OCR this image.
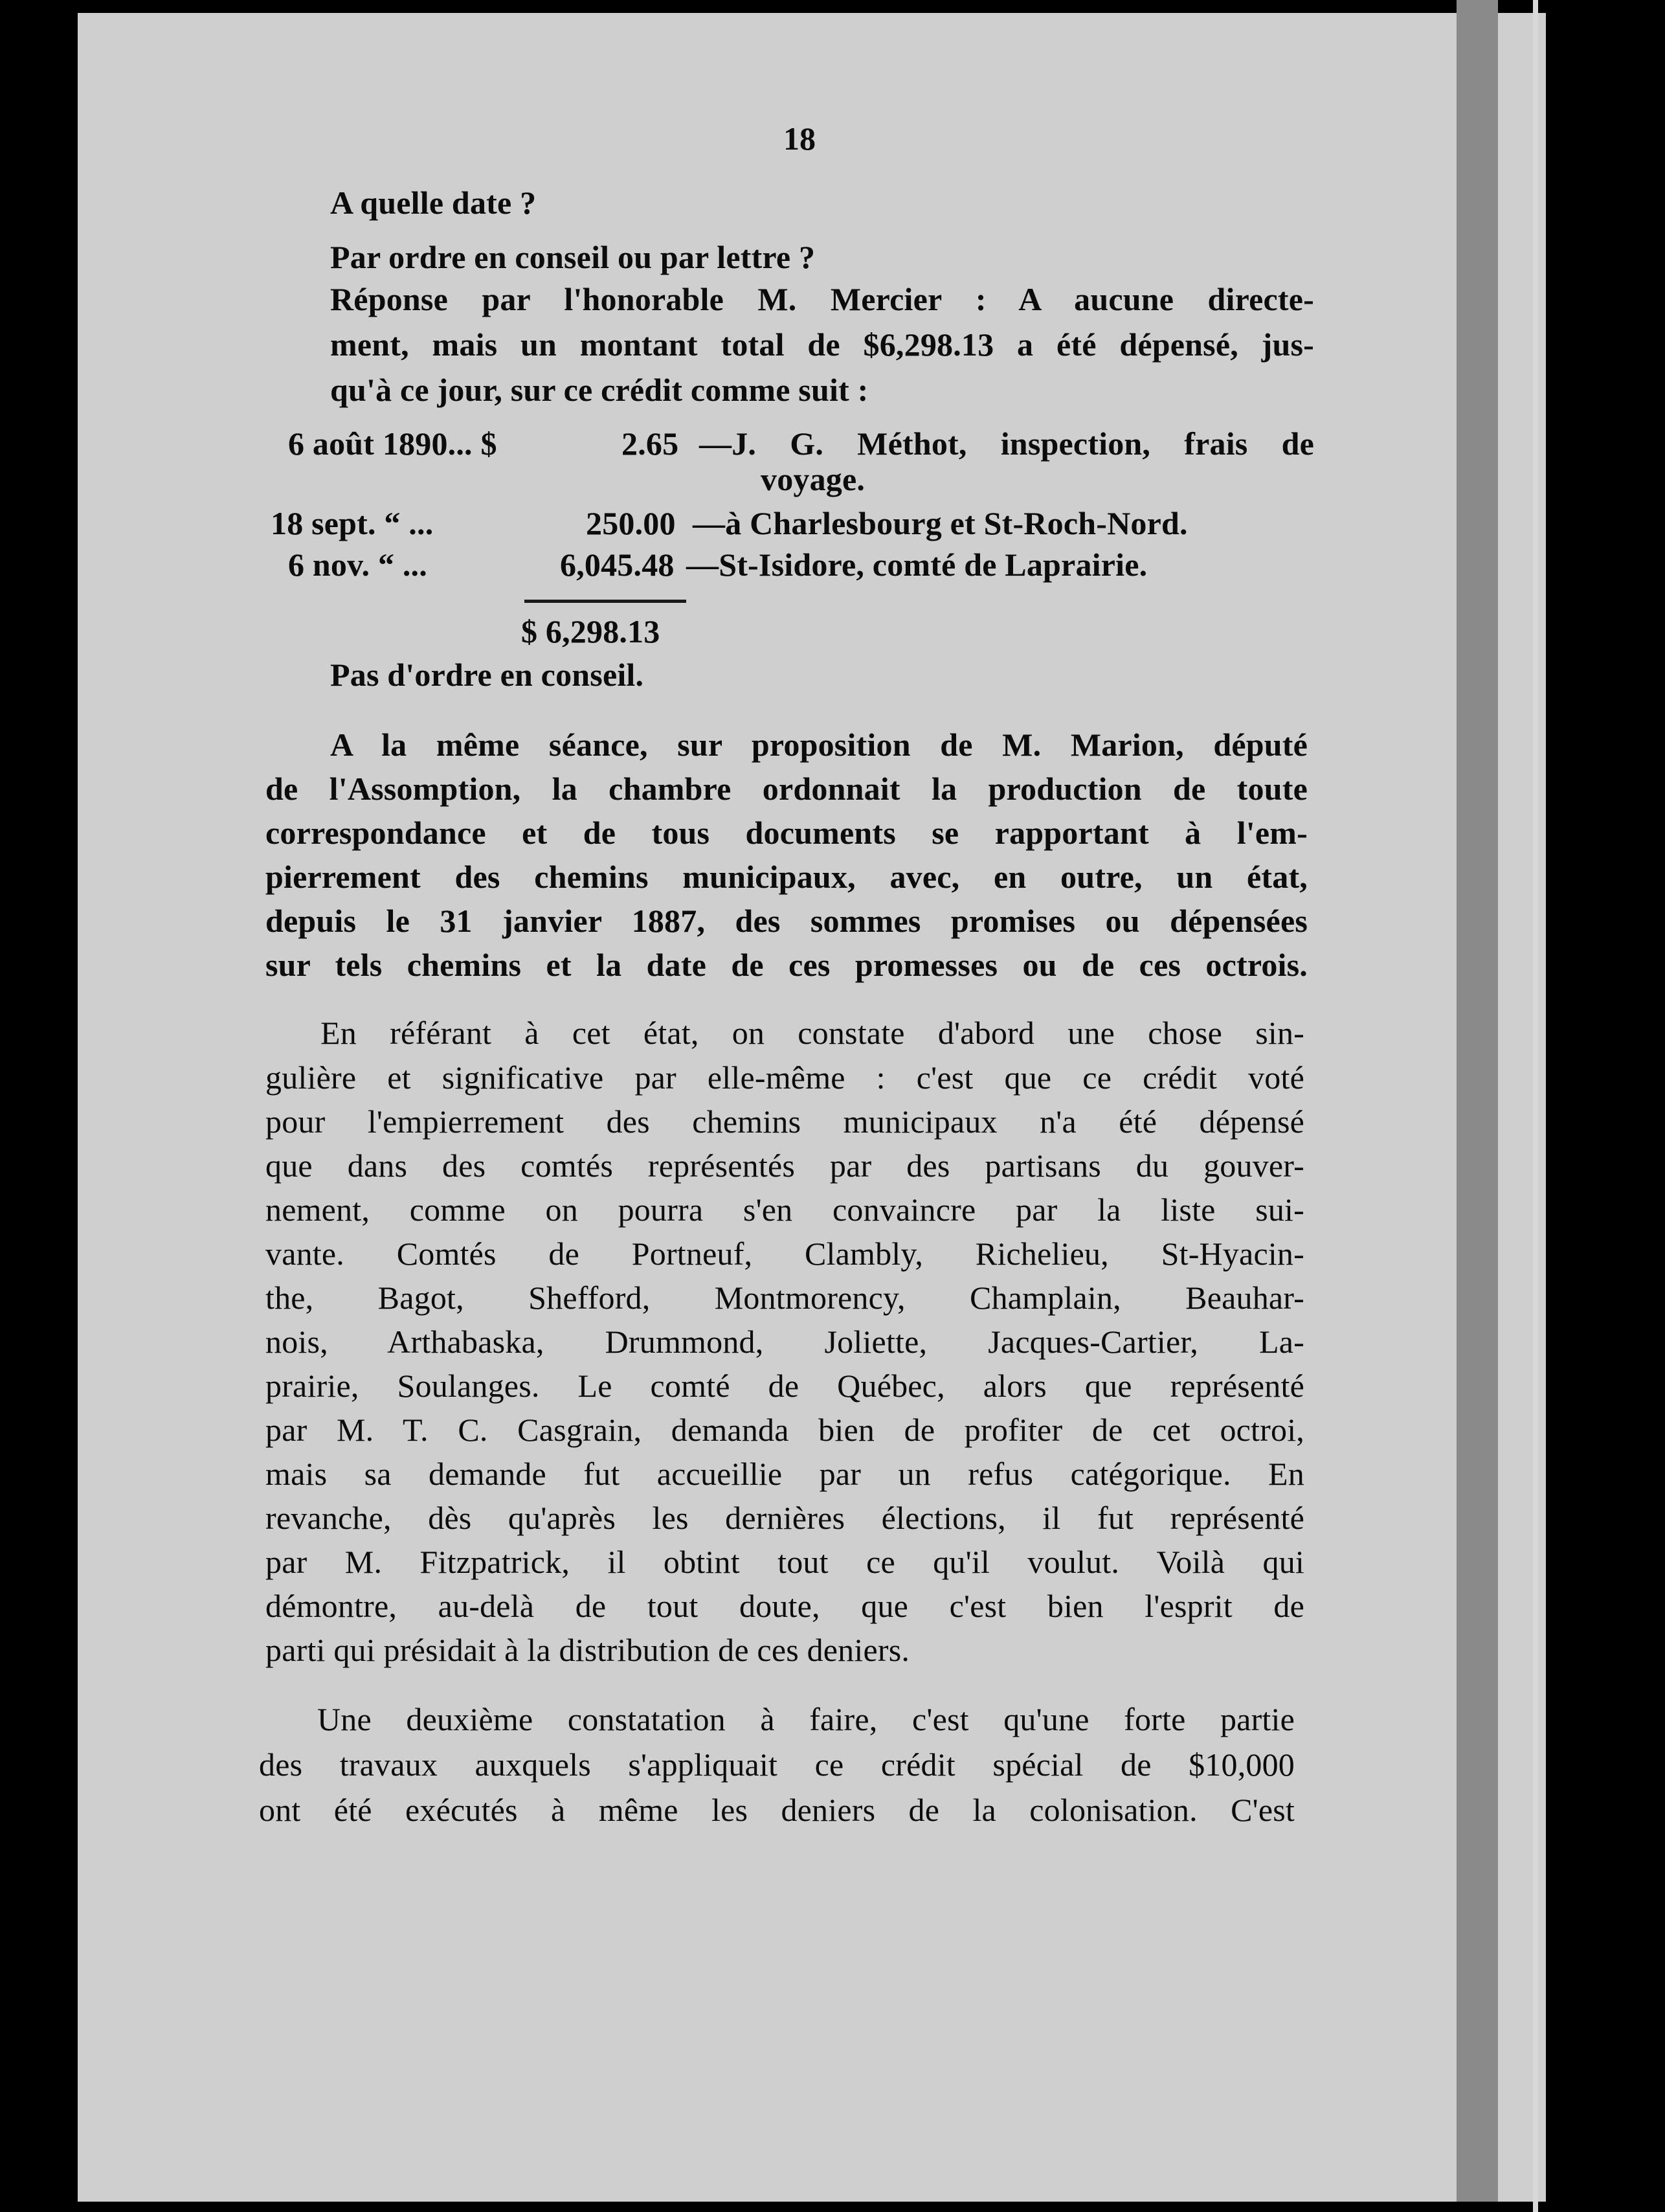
18
A quelle date ?
Par ordre en conseil ou par lettre ?
Réponse par l'honorable M. Mercier : A aucune directe-
ment, mais un montant total de $6,298.13 a été dépensé, jus-
qu'à ce jour, sur ce crédit comme suit :
6 août 1890... $	2.65 —J. G. Méthot, inspection, frais de
voyage.
18 sept. “ ...	250.00 —à Charlesbourg et St-Roch-Nord.
6 nov. “ ...	6,045.48 —St-Isidore, comté de Laprairie.
$ 6,298.13
Pas d'ordre en conseil.
A la même séance, sur proposition de M. Marion, député
de l'Assomption, la chambre ordonnait la production de toute
correspondance et de tous documents se rapportant à l'em-
pierrement des chemins municipaux, avec, en outre, un état,
depuis le 31 janvier 1887, des sommes promises ou dépensées
sur tels chemins et la date de ces promesses ou de ces octrois.
En référant à cet état, on constate d'abord une chose sin-
gulière et significative par elle-même : c'est que ce crédit voté
pour l'empierrement des chemins municipaux n'a été dépensé
que dans des comtés représentés par des partisans du gouver-
nement, comme on pourra s'en convaincre par la liste sui-
vante. Comtés de Portneuf, Clambly, Richelieu, St-Hyacin-
the, Bagot, Shefford, Montmorency, Champlain, Beauhar-
nois, Arthabaska, Drummond, Joliette, Jacques-Cartier, La-
prairie, Soulanges. Le comté de Québec, alors que représenté
par M. T. C. Casgrain, demanda bien de profiter de cet octroi,
mais sa demande fut accueillie par un refus catégorique. En
revanche, dès qu'après les dernières élections, il fut représenté
par M. Fitzpatrick, il obtint tout ce qu'il voulut. Voilà qui
démontre, au-delà de tout doute, que c'est bien l'esprit de
parti qui présidait à la distribution de ces deniers.
Une deuxième constatation à faire, c'est qu'une forte partie
des travaux auxquels s'appliquait ce crédit spécial de $10,000
ont été exécutés à même les deniers de la colonisation. C'est
